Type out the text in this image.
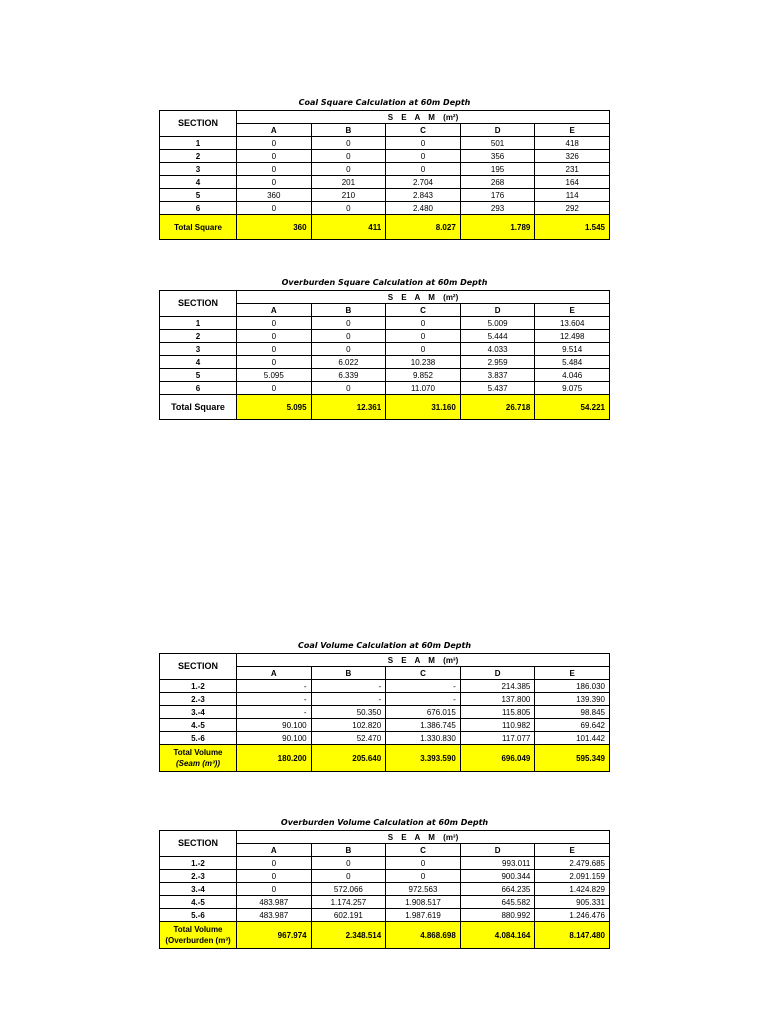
Coal Square Calculation at 60m Depth
SECTION	S E A M (m²)				
	A	B	C	D	E
1	0	0	0	501	418
2	0	0	0	356	326
3	0	0	0	195	231
4	0	201	2.704	268	164
5	360	210	2.843	176	114
6	0	0	2.480	293	292
Total Square	360	411	8.027	1.789	1.545
Overburden Square Calculation at 60m Depth
SECTION	S E A M (m²)				
	A	B	C	D	E
1	0	0	0	5.009	13.604
2	0	0	0	5.444	12.498
3	0	0	0	4.033	9.514
4	0	6.022	10.238	2.959	5.484
5	5.095	6.339	9.852	3.837	4.046
6	0	0	11.070	5.437	9.075
Total Square	5.095	12.361	31.160	26.718	54.221
Coal Volume Calculation at 60m Depth
SECTION	S E A M (m³)				
	A	B	C	D	E
1.-2	-	-	-	214.385	186.030
2.-3	-	-	-	137.800	139.390
3.-4	-	50.350	676.015	115.805	98.845
4.-5	90.100	102.820	1.386.745	110.982	69.642
5.-6	90.100	52.470	1.330.830	117.077	101.442

Total Volume
(Seam (m³))	180.200	205.640	3.393.590	696.049	595.349
Overburden Volume Calculation at 60m Depth
SECTION	S E A M (m³)				
	A	B	C	D	E
1.-2	0	0	0	993.011	2.479.685
2.-3	0	0	0	900.344	2.091.159
3.-4	0	572.066	972.563	664.235	1.424.829
4.-5	483.987	1.174.257	1.908.517	645.582	905.331
5.-6	483.987	602.191	1.987.619	880.992	1.246.476

Total Volume
(Overburden (m³)	967.974	2.348.514	4.868.698	4.084.164	8.147.480
